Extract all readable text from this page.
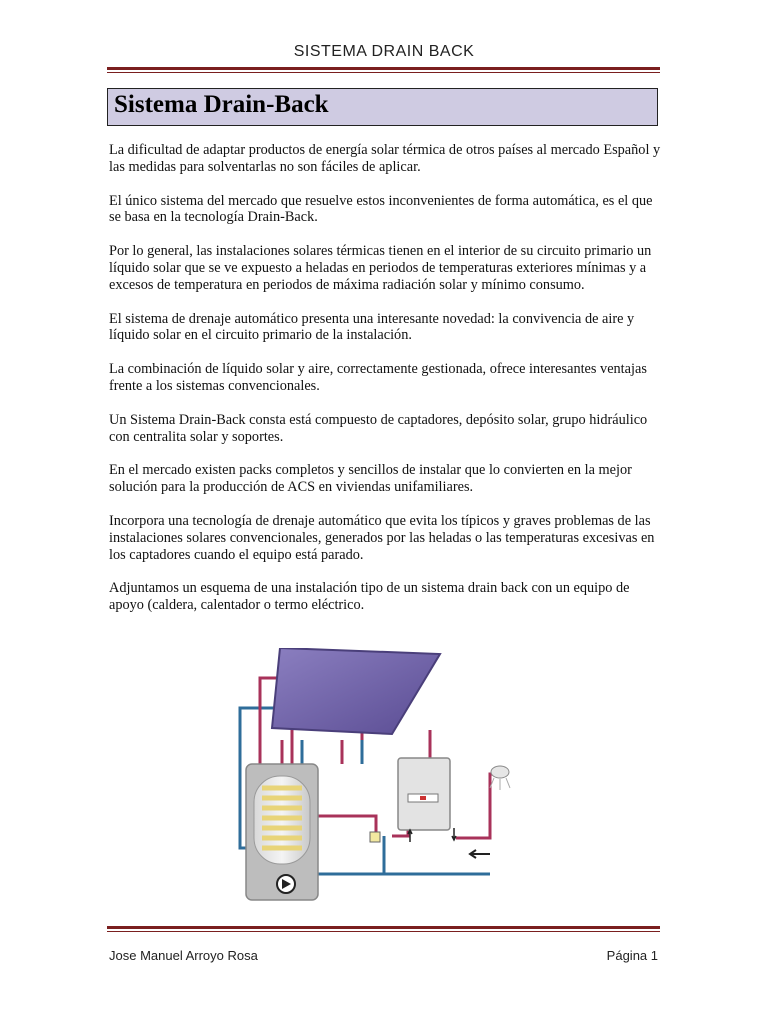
SISTEMA DRAIN BACK
Sistema Drain-Back

La dificultad de adaptar productos de energía solar térmica de otros países al mercado Español y las medidas para solventarlas no son fáciles de aplicar.

El único sistema del mercado que resuelve estos inconvenientes de forma automática, es el que se basa en la tecnología Drain-Back.

Por lo general, las instalaciones solares térmicas tienen en el interior de su circuito primario un líquido solar que se ve expuesto a heladas en periodos de temperaturas exteriores mínimas y a excesos de temperatura en periodos de máxima radiación solar y mínimo consumo.

El sistema de drenaje automático presenta una interesante novedad: la convivencia de aire y líquido solar en el circuito primario de la instalación.

La combinación de líquido solar y aire, correctamente gestionada, ofrece interesantes ventajas frente a los sistemas convencionales.

Un Sistema Drain-Back consta está compuesto de captadores, depósito solar, grupo hidráulico con centralita solar y soportes.

En el mercado existen packs completos y sencillos de instalar que lo convierten en la mejor solución para la producción de ACS en viviendas unifamiliares.

Incorpora una tecnología de drenaje automático que evita los típicos y graves problemas de las instalaciones solares convencionales, generados por las heladas o las temperaturas excesivas en los captadores cuando el equipo está parado.

Adjuntamos un esquema de una instalación tipo de un sistema drain back con un equipo de apoyo (caldera, calentador o termo eléctrico.

Jose Manuel Arroyo Rosa	Página 1
